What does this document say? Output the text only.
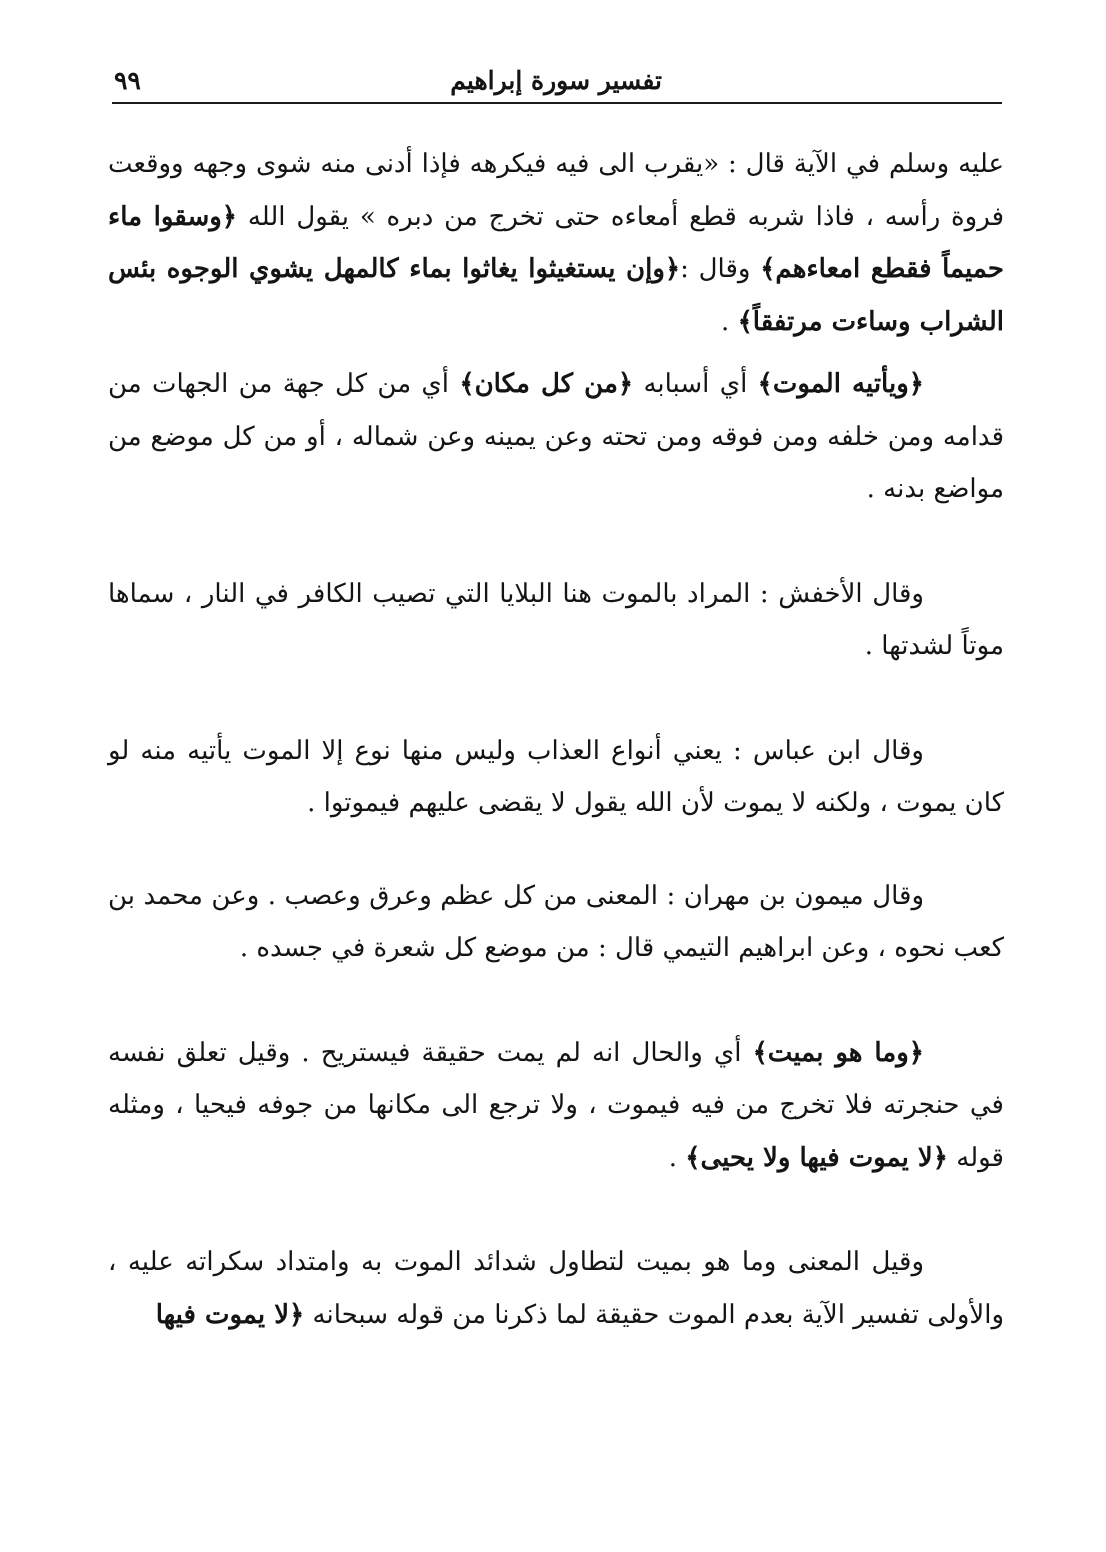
تفسير سورة إبراهيم
٩٩

عليه وسلم في الآية قال : «يقرب الى فيه فيكرهه فإذا أدنى منه شوى وجهه ووقعت فروة رأسه ، فاذا شربه قطع أمعاءه حتى تخرج من دبره » يقول الله ﴿وسقوا ماء حميماً فقطع امعاءهم﴾ وقال :﴿وإن يستغيثوا يغاثوا بماء كالمهل يشوي الوجوه بئس الشراب وساءت مرتفقاً﴾ .

﴿ويأتيه الموت﴾ أي أسبابه ﴿من كل مكان﴾ أي من كل جهة من الجهات من قدامه ومن خلفه ومن فوقه ومن تحته وعن يمينه وعن شماله ، أو من كل موضع من مواضع بدنه .

وقال الأخفش : المراد بالموت هنا البلايا التي تصيب الكافر في النار ، سماها موتاً لشدتها .

وقال ابن عباس : يعني أنواع العذاب وليس منها نوع إلا الموت يأتيه منه لو كان يموت ، ولكنه لا يموت لأن الله يقول لا يقضى عليهم فيموتوا .

وقال ميمون بن مهران : المعنى من كل عظم وعرق وعصب . وعن محمد بن كعب نحوه ، وعن ابراهيم التيمي قال : من موضع كل شعرة في جسده .

﴿وما هو بميت﴾ أي والحال انه لم يمت حقيقة فيستريح . وقيل تعلق نفسه في حنجرته فلا تخرج من فيه فيموت ، ولا ترجع الى مكانها من جوفه فيحيا ، ومثله قوله ﴿لا يموت فيها ولا يحيى﴾ .

وقيل المعنى وما هو بميت لتطاول شدائد الموت به وامتداد سكراته عليه ، والأولى تفسير الآية بعدم الموت حقيقة لما ذكرنا من قوله سبحانه ﴿لا يموت فيها
